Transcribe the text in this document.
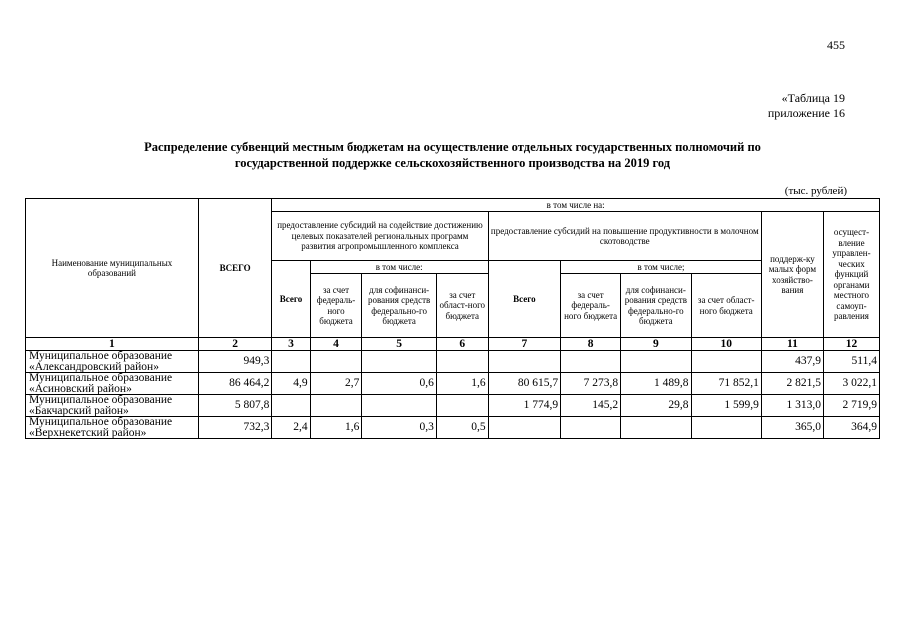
455
«Таблица 19
приложение 16
Распределение субвенций местным бюджетам на осуществление отдельных государственных полномочий по
государственной поддержке сельскохозяйственного производства на 2019 год
(тыс. рублей)
Наименование муниципальных образований	ВСЕГО	в том числе на:									
		предоставление субсидий на содействие достижению целевых показателей региональных программ развития агропромышленного комплекса				предоставление субсидий на повышение продуктивности в молочном скотоводстве				поддерж-ку малых форм хозяйство-вания	осущест-вление управлен-ческих функций органами местного самоуп-равления
		Всего	в том числе:			Всего	в том числе;				
			за счет федераль-ного бюджета	для софинанси-рования средств федерально-го бюджета	за счет област-ного бюджета		за счет федераль-ного бюджета	для софинанси-рования средств федерально-го бюджета	за счет област-ного бюджета		
1	2	3	4	5	6	7	8	9	10	11	12
Муниципальное образование «Александровский район»	949,3									437,9	511,4
Муниципальное образование «Асиновский район»	86 464,2	4,9	2,7	0,6	1,6	80 615,7	7 273,8	1 489,8	71 852,1	2 821,5	3 022,1
Муниципальное образование «Бакчарский район»	5 807,8					1 774,9	145,2	29,8	1 599,9	1 313,0	2 719,9
Муниципальное образование «Верхнекетский район»	732,3	2,4	1,6	0,3	0,5					365,0	364,9
